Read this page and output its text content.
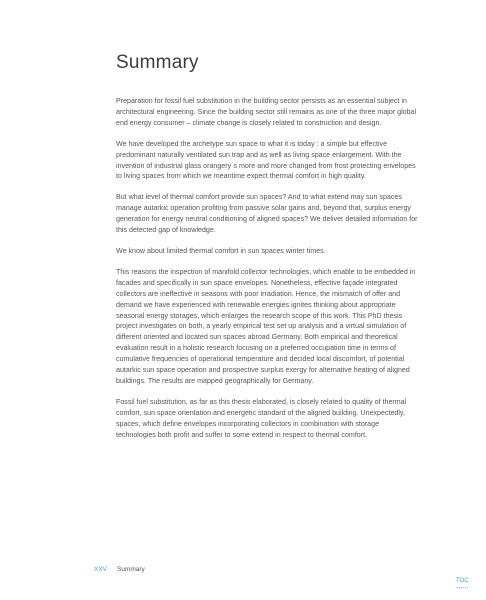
Summary

Preparation for fossil fuel substitution in the building sector persists as an essential subject in architectural engineering. Since the building sector still remains as one of the three major global end energy consumer – climate change is closely related to construction and design.

We have developed the archetype sun space to what it is today : a simple but effective predominant naturally ventilated sun trap and as well as living space enlargement. With the invention of industrial glass orangery´s more and more changed from frost protecting envelopes to living spaces from which we meantime expect thermal comfort in high quality.

But what level of thermal comfort provide sun spaces? And to what extend may sun spaces manage autarkic operation profiting from passive solar gains and, beyond that, surplus energy generation for energy neutral conditioning of aligned spaces? We deliver detailed information for this detected gap of knowledge.

We know about limited thermal comfort in sun spaces winter times.

This reasons the inspection of manifold collector technologies, which enable to be embedded in facades and specifically in sun space envelopes. Nonetheless, effective façade integrated collectors are ineffective in seasons with poor irradiation. Hence, the mismatch of offer and demand we have experienced with renewable energies ignites thinking about appropriate seasonal energy storages, which enlarges the research scope of this work. This PhD thesis project investigates on both, a yearly empirical test set up analysis and a virtual simulation of different oriented and located sun spaces abroad Germany. Both empirical and theoretical evaluation result in a holistic research focusing on a preferred occupation time in terms of cumulative frequencies of operational temperature and decided local discomfort, of potential autarkic sun space operation and prospective surplus exergy for alternative heating of aligned buildings. The results are mapped geographically for Germany.

Fossil fuel substitution, as far as this thesis elaborated, is closely related to quality of thermal comfort, sun space orientation and energetic standard of the aligned building. Unexpectedly, spaces, which define envelopes incorporating collectors in combination with storage technologies both profit and suffer to some extend in respect to thermal comfort.

XXV Summary
TOC
